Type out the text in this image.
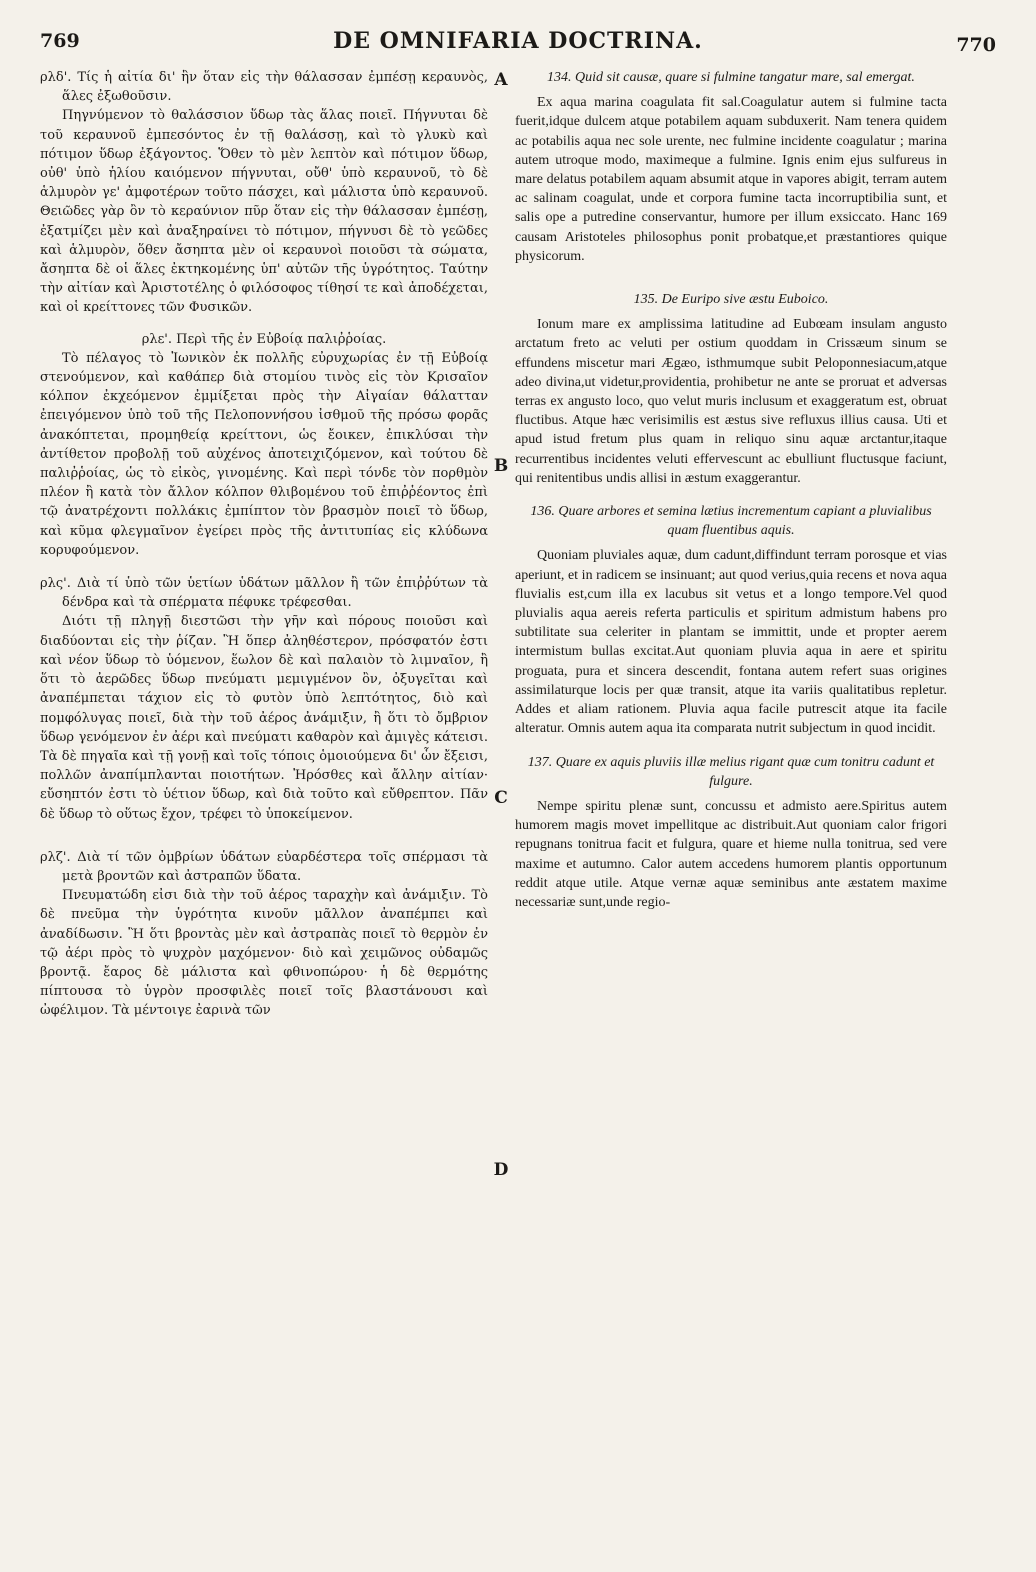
769	DE OMNIFARIA DOCTRINA.	770
A
B
C
D

ρλδ'. Τίς ἡ αἰτία δι' ἣν ὅταν εἰς τὴν θάλασσαν ἐμπέσῃ κεραυνὸς, ἅλες ἐξωθοῦσιν.

Πηγνύμενον τὸ θαλάσσιον ὕδωρ τὰς ἅλας ποιεῖ. Πήγνυται δὲ τοῦ κεραυνοῦ ἐμπεσόντος ἐν τῇ θαλάσσῃ, καὶ τὸ γλυκὺ καὶ πότιμον ὕδωρ ἐξάγοντος. Ὅθεν τὸ μὲν λεπτὸν καὶ πότιμον ὕδωρ, οὐθ' ὑπὸ ἡλίου καιόμενον πήγνυται, οὔθ' ὑπὸ κεραυνοῦ, τὸ δὲ ἁλμυρὸν γε' ἀμφοτέρων τοῦτο πάσχει, καὶ μάλιστα ὑπὸ κεραυνοῦ. Θειῶδες γὰρ ὂν τὸ κεραύνιον πῦρ ὅταν εἰς τὴν θάλασσαν ἐμπέσῃ, ἐξατμίζει μὲν καὶ ἀναξηραίνει τὸ πότιμον, πήγνυσι δὲ τὸ γεῶδες καὶ ἁλμυρὸν, ὅθεν ἄσηπτα μὲν οἱ κεραυνοὶ ποιοῦσι τὰ σώματα, ἄσηπτα δὲ οἱ ἅλες ἐκτηκομένης ὑπ' αὐτῶν τῆς ὑγρότητος. Ταύτην τὴν αἰτίαν καὶ Ἀριστοτέλης ὁ φιλόσοφος τίθησί τε καὶ ἀποδέχεται, καὶ οἱ κρείττονες τῶν Φυσικῶν.

ρλε'. Περὶ τῆς ἐν Εὐβοίᾳ παλιῤῥοίας.

Τὸ πέλαγος τὸ Ἰωνικὸν ἐκ πολλῆς εὐρυχωρίας ἐν τῇ Εὐβοίᾳ στενούμενον, καὶ καθάπερ διὰ στομίου τινὸς εἰς τὸν Κρισαῖον κόλπον ἐκχεόμενον ἐμμίξεται πρὸς τὴν Αἰγαίαν θάλατταν ἐπειγόμενον ὑπὸ τοῦ τῆς Πελοποννήσου ἰσθμοῦ τῆς πρόσω φορᾶς ἀνακόπτεται, προμηθείᾳ κρείττονι, ὡς ἔοικεν, ἐπικλύσαι τὴν ἀντίθετον προβολῇ τοῦ αὐχένος ἀποτειχιζόμενον, καὶ τούτου δὲ παλιῤῥοίας, ὡς τὸ εἰκὸς, γινομένης. Καὶ περὶ τόνδε τὸν πορθμὸν πλέον ἢ κατὰ τὸν ἄλλον κόλπον θλιβομένου τοῦ ἐπιῤῥέοντος ἐπὶ τῷ ἀνατρέχοντι πολλάκις ἐμπίπτον τὸν βρασμὸν ποιεῖ τὸ ὕδωρ, καὶ κῦμα φλεγμαῖνον ἐγείρει πρὸς τῆς ἀντιτυπίας εἰς κλύδωνα κορυφούμενον.

ρλς'. Διὰ τί ὑπὸ τῶν ὑετίων ὑδάτων μᾶλλον ἢ τῶν ἐπιῤῥύτων τὰ δένδρα καὶ τὰ σπέρματα πέφυκε τρέφεσθαι.

Διότι τῇ πληγῇ διεστῶσι τὴν γῆν καὶ πόρους ποιοῦσι καὶ διαδύονται εἰς τὴν ῥίζαν. Ἢ ὅπερ ἀληθέστερον, πρόσφατόν ἐστι καὶ νέον ὕδωρ τὸ ὑόμενον, ἕωλον δὲ καὶ παλαιὸν τὸ λιμναῖον, ἢ ὅτι τὸ ἀερῶδες ὕδωρ πνεύματι μεμιγμένον ὂν, ὀξυγεῖται καὶ ἀναπέμπεται τάχιον εἰς τὸ φυτὸν ὑπὸ λεπτότητος, διὸ καὶ πομφόλυγας ποιεῖ, διὰ τὴν τοῦ ἀέρος ἀνάμιξιν, ἢ ὅτι τὸ ὄμβριον ὕδωρ γενόμενον ἐν ἀέρι καὶ πνεύματι καθαρὸν καὶ ἀμιγὲς κάτεισι. Τὰ δὲ πηγαῖα καὶ τῇ γονῇ καὶ τοῖς τόποις ὁμοιούμενα δι' ὧν ἔξεισι, πολλῶν ἀναπίμπλανται ποιοτήτων. Ἠρόσθες καὶ ἄλλην αἰτίαν· εὔσηπτόν ἐστι τὸ ὑέτιον ὕδωρ, καὶ διὰ τοῦτο καὶ εὔθρεπτον. Πᾶν δὲ ὕδωρ τὸ οὕτως ἔχον, τρέφει τὸ ὑποκείμενον.

ρλζ'. Διὰ τί τῶν ὀμβρίων ὑδάτων εὐαρδέστερα τοῖς σπέρμασι τὰ μετὰ βροντῶν καὶ ἀστραπῶν ὕδατα.

Πνευματώδη εἰσι διὰ τὴν τοῦ ἀέρος ταραχὴν καὶ ἀνάμιξιν. Τὸ δὲ πνεῦμα τὴν ὑγρότητα κινοῦν μᾶλλον ἀναπέμπει καὶ ἀναδίδωσιν. Ἢ ὅτι βροντὰς μὲν καὶ ἀστραπὰς ποιεῖ τὸ θερμὸν ἐν τῷ ἀέρι πρὸς τὸ ψυχρὸν μαχόμενον· διὸ καὶ χειμῶνος οὐδαμῶς βροντᾷ. ἔαρος δὲ μάλιστα καὶ φθινοπώρου· ἡ δὲ θερμότης πίπτουσα τὸ ὑγρὸν προσφιλὲς ποιεῖ τοῖς βλαστάνουσι καὶ ὠφέλιμον. Τὰ μέντοιγε ἐαρινὰ τῶν

134. Quid sit causæ, quare si fulmine tangatur mare, sal emergat.

Ex aqua marina coagulata fit sal.Coagulatur autem si fulmine tacta fuerit,idque dulcem atque potabilem aquam subduxerit. Nam tenera quidem ac potabilis aqua nec sole urente, nec fulmine incidente coagulatur ; marina autem utroque modo, maximeque a fulmine. Ignis enim ejus sulfureus in mare delatus potabilem aquam absumit atque in vapores abigit, terram autem ac salinam coagulat, unde et corpora fumine tacta incorruptibilia sunt, et salis ope a putredine conservantur, humore per illum exsiccato. Hanc 169 causam Aristoteles philosophus ponit probatque,et præstantiores quique physicorum.

135. De Euripo sive æstu Euboico.

Ionum mare ex amplissima latitudine ad Eubœam insulam angusto arctatum freto ac veluti per ostium quoddam in Crissæum sinum se effundens miscetur mari Ægæo, isthmumque subit Peloponnesiacum,atque adeo divina,ut videtur,providentia, prohibetur ne ante se proruat et adversas terras ex angusto loco, quo velut muris inclusum et exaggeratum est, obruat fluctibus. Atque hæc verisimilis est æstus sive refluxus illius causa. Uti et apud istud fretum plus quam in reliquo sinu aquæ arctantur,itaque recurrentibus incidentes veluti effervescunt ac ebulliunt fluctusque faciunt, qui renitentibus undis allisi in æstum exaggerantur.

136. Quare arbores et semina lætius incrementum capiant a pluvialibus quam fluentibus aquis.

Quoniam pluviales aquæ, dum cadunt,diffindunt terram porosque et vias aperiunt, et in radicem se insinuant; aut quod verius,quia recens et nova aqua fluvialis est,cum illa ex lacubus sit vetus et a longo tempore.Vel quod pluvialis aqua aereis referta particulis et spiritum admistum habens pro subtilitate sua celeriter in plantam se immittit, unde et propter aerem intermistum bullas excitat.Aut quoniam pluvia aqua in aere et spiritu proguata, pura et sincera descendit, fontana autem refert suas origines assimilaturque locis per quæ transit, atque ita variis qualitatibus repletur. Addes et aliam rationem. Pluvia aqua facile putrescit atque ita facile alteratur. Omnis autem aqua ita comparata nutrit subjectum in quod incidit.

137. Quare ex aquis pluviis illæ melius rigant quæ cum tonitru cadunt et fulgure.

Nempe spiritu plenæ sunt, concussu et admisto aere.Spiritus autem humorem magis movet impellitque ac distribuit.Aut quoniam calor frigori repugnans tonitrua facit et fulgura, quare et hieme nulla tonitrua, sed vere maxime et autumno. Calor autem accedens humorem plantis opportunum reddit atque utile. Atque vernæ aquæ seminibus ante æstatem maxime necessariæ sunt,unde regio-
